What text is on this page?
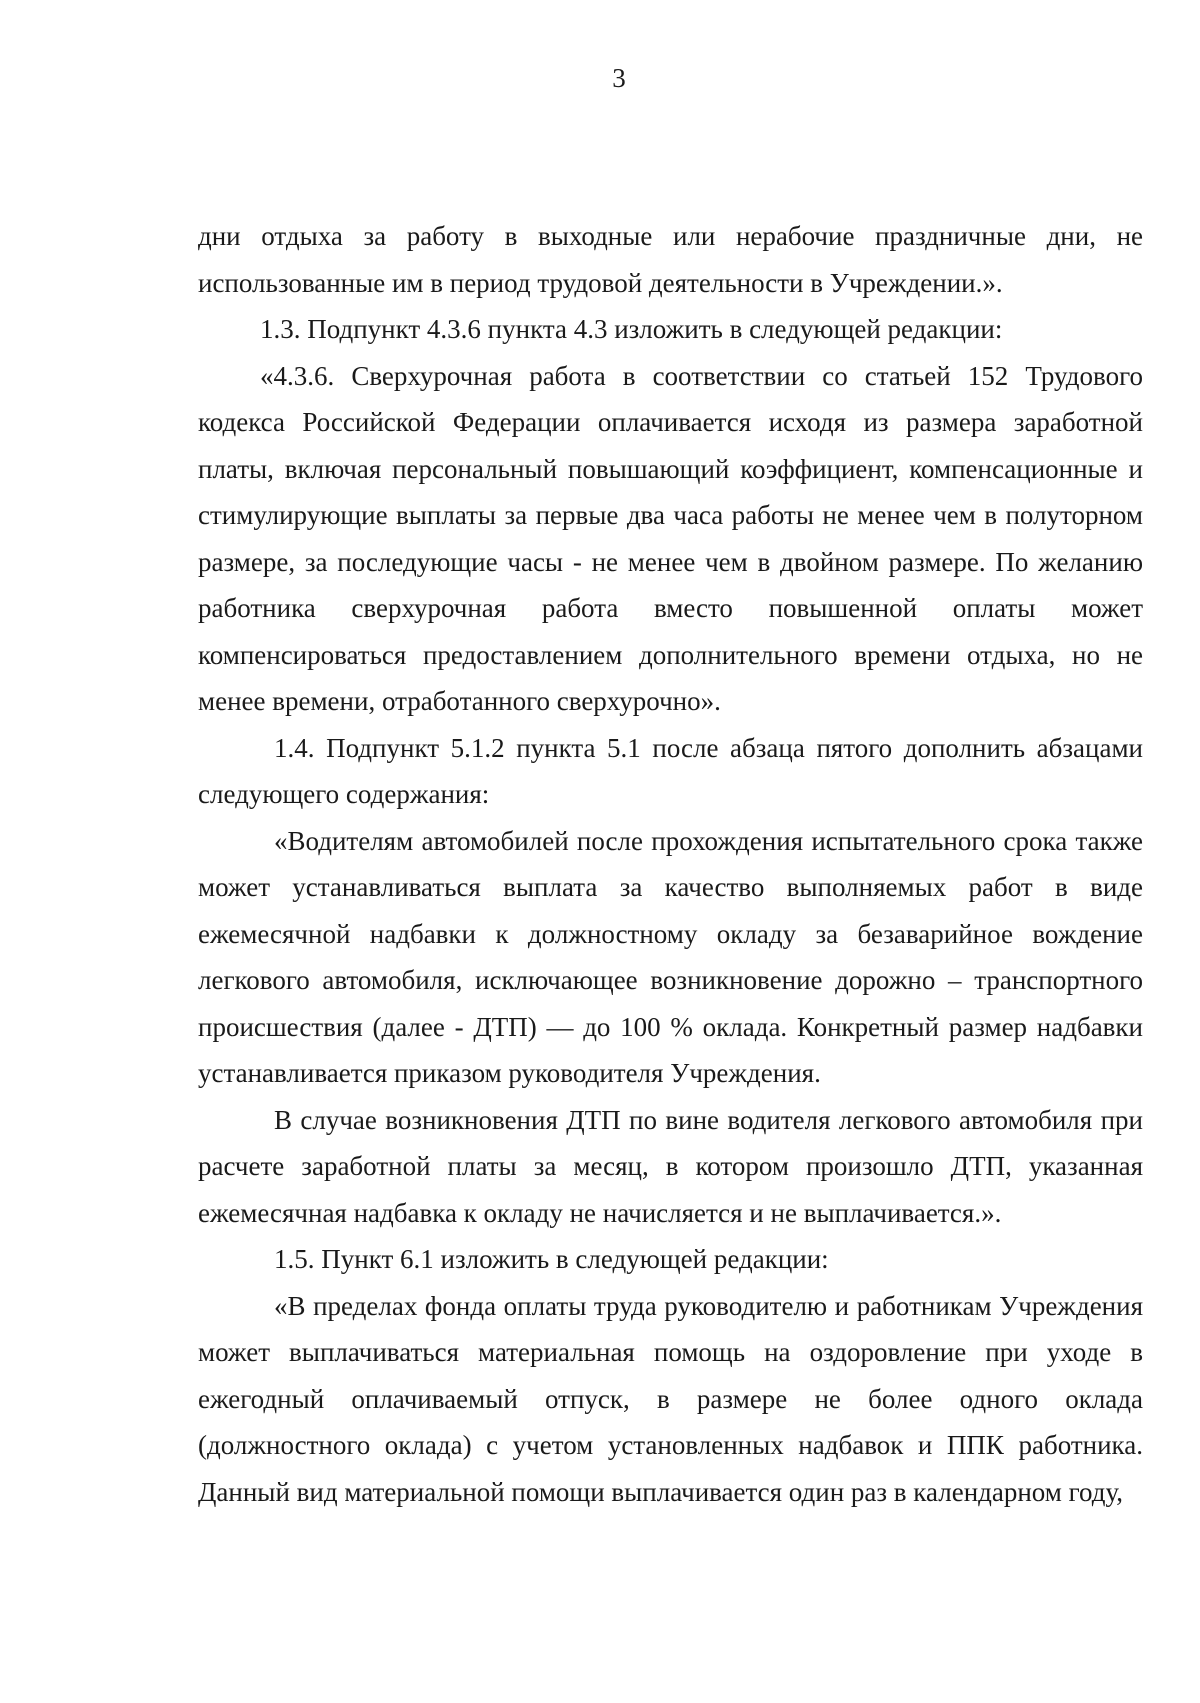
3

дни отдыха за работу в выходные или нерабочие праздничные дни, не использованные им в период трудовой деятельности в Учреждении.».

1.3. Подпункт 4.3.6 пункта 4.3 изложить в следующей редакции:

«4.3.6. Сверхурочная работа в соответствии со статьей 152 Трудового кодекса Российской Федерации оплачивается исходя из размера заработной платы, включая персональный повышающий коэффициент, компенсационные и стимулирующие выплаты за первые два часа работы не менее чем в полуторном размере, за последующие часы - не менее чем в двойном размере. По желанию работника сверхурочная работа вместо повышенной оплаты может компенсироваться предоставлением дополнительного времени отдыха, но не менее времени, отработанного сверхурочно».

1.4. Подпункт 5.1.2 пункта 5.1 после абзаца пятого дополнить абзацами следующего содержания:

«Водителям автомобилей после прохождения испытательного срока также может устанавливаться выплата за качество выполняемых работ в виде ежемесячной надбавки к должностному окладу за безаварийное вождение легкового автомобиля, исключающее возникновение дорожно – транспортного происшествия (далее - ДТП) — до 100 % оклада. Конкретный размер надбавки устанавливается приказом руководителя Учреждения.

В случае возникновения ДТП по вине водителя легкового автомобиля при расчете заработной платы за месяц, в котором произошло ДТП, указанная ежемесячная надбавка к окладу не начисляется и не выплачивается.».

1.5. Пункт 6.1 изложить в следующей редакции:

«В пределах фонда оплаты труда руководителю и работникам Учреждения может выплачиваться материальная помощь на оздоровление при уходе в ежегодный оплачиваемый отпуск, в размере не более одного оклада (должностного оклада) с учетом установленных надбавок и ППК работника. Данный вид материальной помощи выплачивается один раз в календарном году,
